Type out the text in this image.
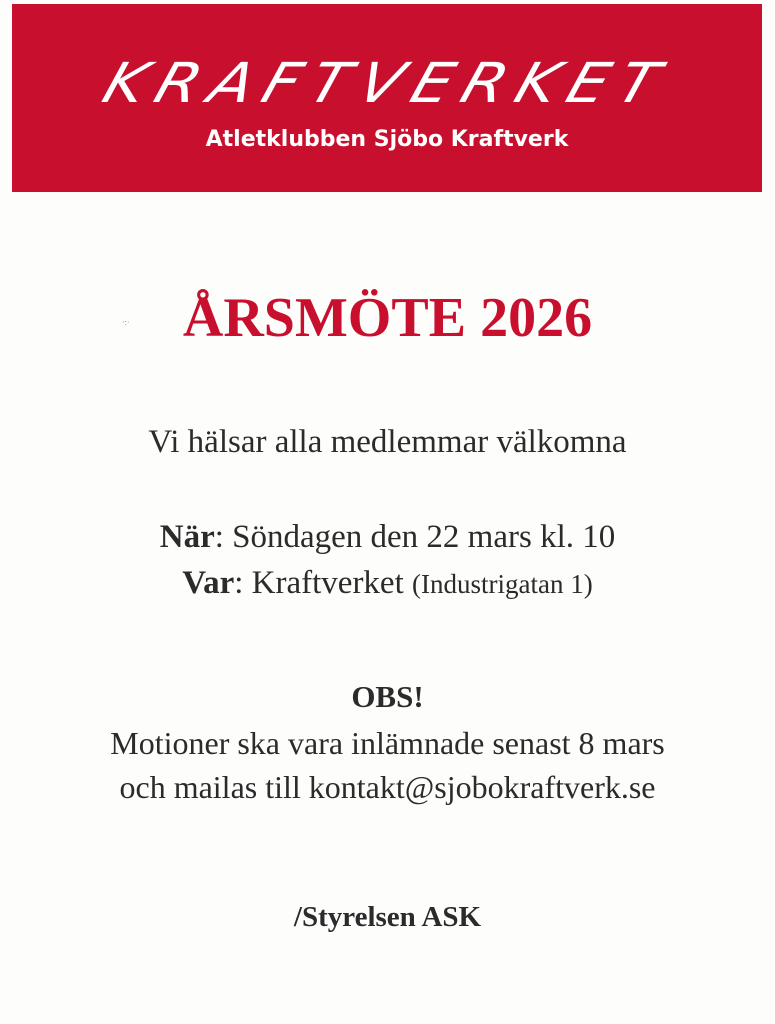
KRAFTVERKET
Atletklubben Sjöbo Kraftverk
·:· ÅRSMÖTE 2026
Vi hälsar alla medlemmar välkomna
När: Söndagen den 22 mars kl. 10
Var: Kraftverket (Industrigatan 1)
OBS!
Motioner ska vara inlämnade senast 8 mars
och mailas till kontakt@sjobokraftverk.se
/Styrelsen ASK
